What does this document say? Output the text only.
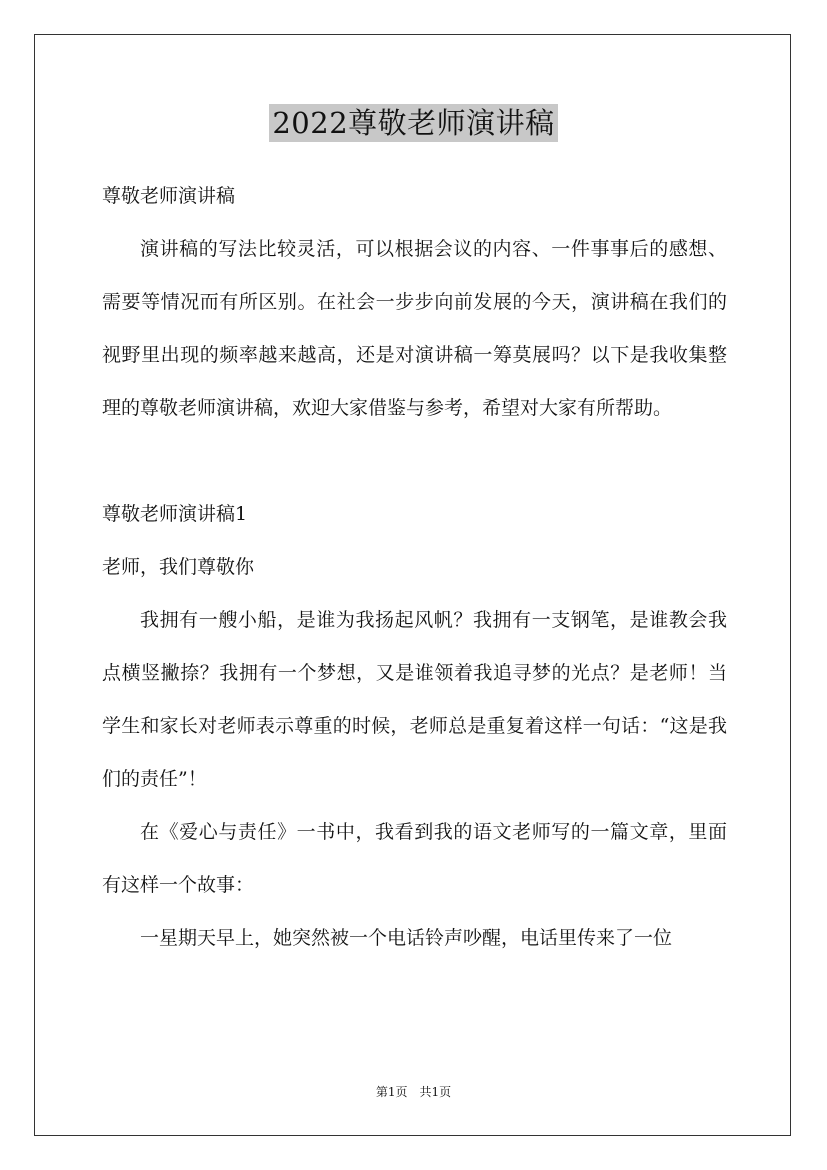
2022尊敬老师演讲稿

尊敬老师演讲稿

演讲稿的写法比较灵活，可以根据会议的内容、一件事事后的感想、需要等情况而有所区别。在社会一步步向前发展的今天，演讲稿在我们的视野里出现的频率越来越高，还是对演讲稿一筹莫展吗？以下是我收集整理的尊敬老师演讲稿，欢迎大家借鉴与参考，希望对大家有所帮助。

尊敬老师演讲稿1

老师，我们尊敬你

我拥有一艘小船，是谁为我扬起风帆？我拥有一支钢笔，是谁教会我点横竖撇捺？我拥有一个梦想，又是谁领着我追寻梦的光点？是老师！当学生和家长对老师表示尊重的时候，老师总是重复着这样一句话：“这是我们的责任”！

在《爱心与责任》一书中，我看到我的语文老师写的一篇文章，里面有这样一个故事：

一星期天早上，她突然被一个电话铃声吵醒，电话里传来了一位

第1页 共1页
